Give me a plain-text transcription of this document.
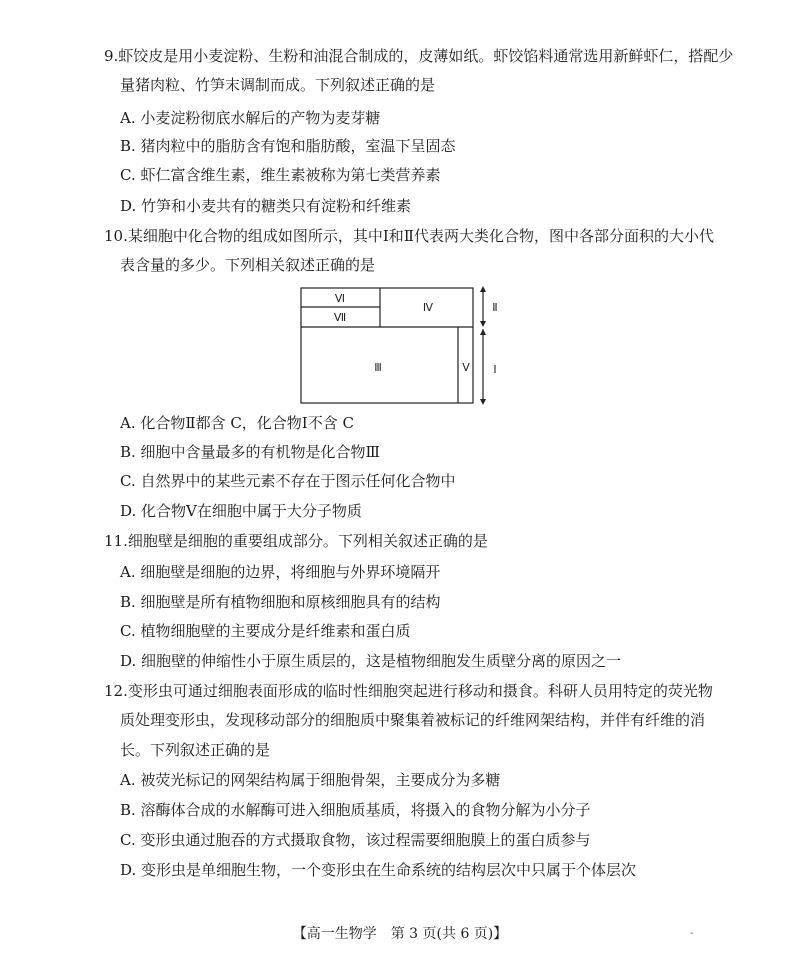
9.虾饺皮是用小麦淀粉、生粉和油混合制成的，皮薄如纸。虾饺馅料通常选用新鲜虾仁，搭配少
量猪肉粒、竹笋末调制而成。下列叙述正确的是
A. 小麦淀粉彻底水解后的产物为麦芽糖
B. 猪肉粒中的脂肪含有饱和脂肪酸，室温下呈固态
C. 虾仁富含维生素，维生素被称为第七类营养素
D. 竹笋和小麦共有的糖类只有淀粉和纤维素
10.某细胞中化合物的组成如图所示，其中Ⅰ和Ⅱ代表两大类化合物，图中各部分面积的大小代
表含量的多少。下列相关叙述正确的是
Ⅵ
Ⅶ
Ⅳ
Ⅲ	Ⅴ
Ⅱ
Ⅰ
A. 化合物Ⅱ都含 C，化合物Ⅰ不含 C
B. 细胞中含量最多的有机物是化合物Ⅲ
C. 自然界中的某些元素不存在于图示任何化合物中
D. 化合物Ⅴ在细胞中属于大分子物质
11.细胞壁是细胞的重要组成部分。下列相关叙述正确的是
A. 细胞壁是细胞的边界，将细胞与外界环境隔开
B. 细胞壁是所有植物细胞和原核细胞具有的结构
C. 植物细胞壁的主要成分是纤维素和蛋白质
D. 细胞壁的伸缩性小于原生质层的，这是植物细胞发生质壁分离的原因之一
12.变形虫可通过细胞表面形成的临时性细胞突起进行移动和摄食。科研人员用特定的荧光物
质处理变形虫，发现移动部分的细胞质中聚集着被标记的纤维网架结构，并伴有纤维的消
长。下列叙述正确的是
A. 被荧光标记的网架结构属于细胞骨架，主要成分为多糖
B. 溶酶体合成的水解酶可进入细胞质基质，将摄入的食物分解为小分子
C. 变形虫通过胞吞的方式摄取食物，该过程需要细胞膜上的蛋白质参与
D. 变形虫是单细胞生物，一个变形虫在生命系统的结构层次中只属于个体层次
【高一生物学　第 3 页(共 6 页)】	-
